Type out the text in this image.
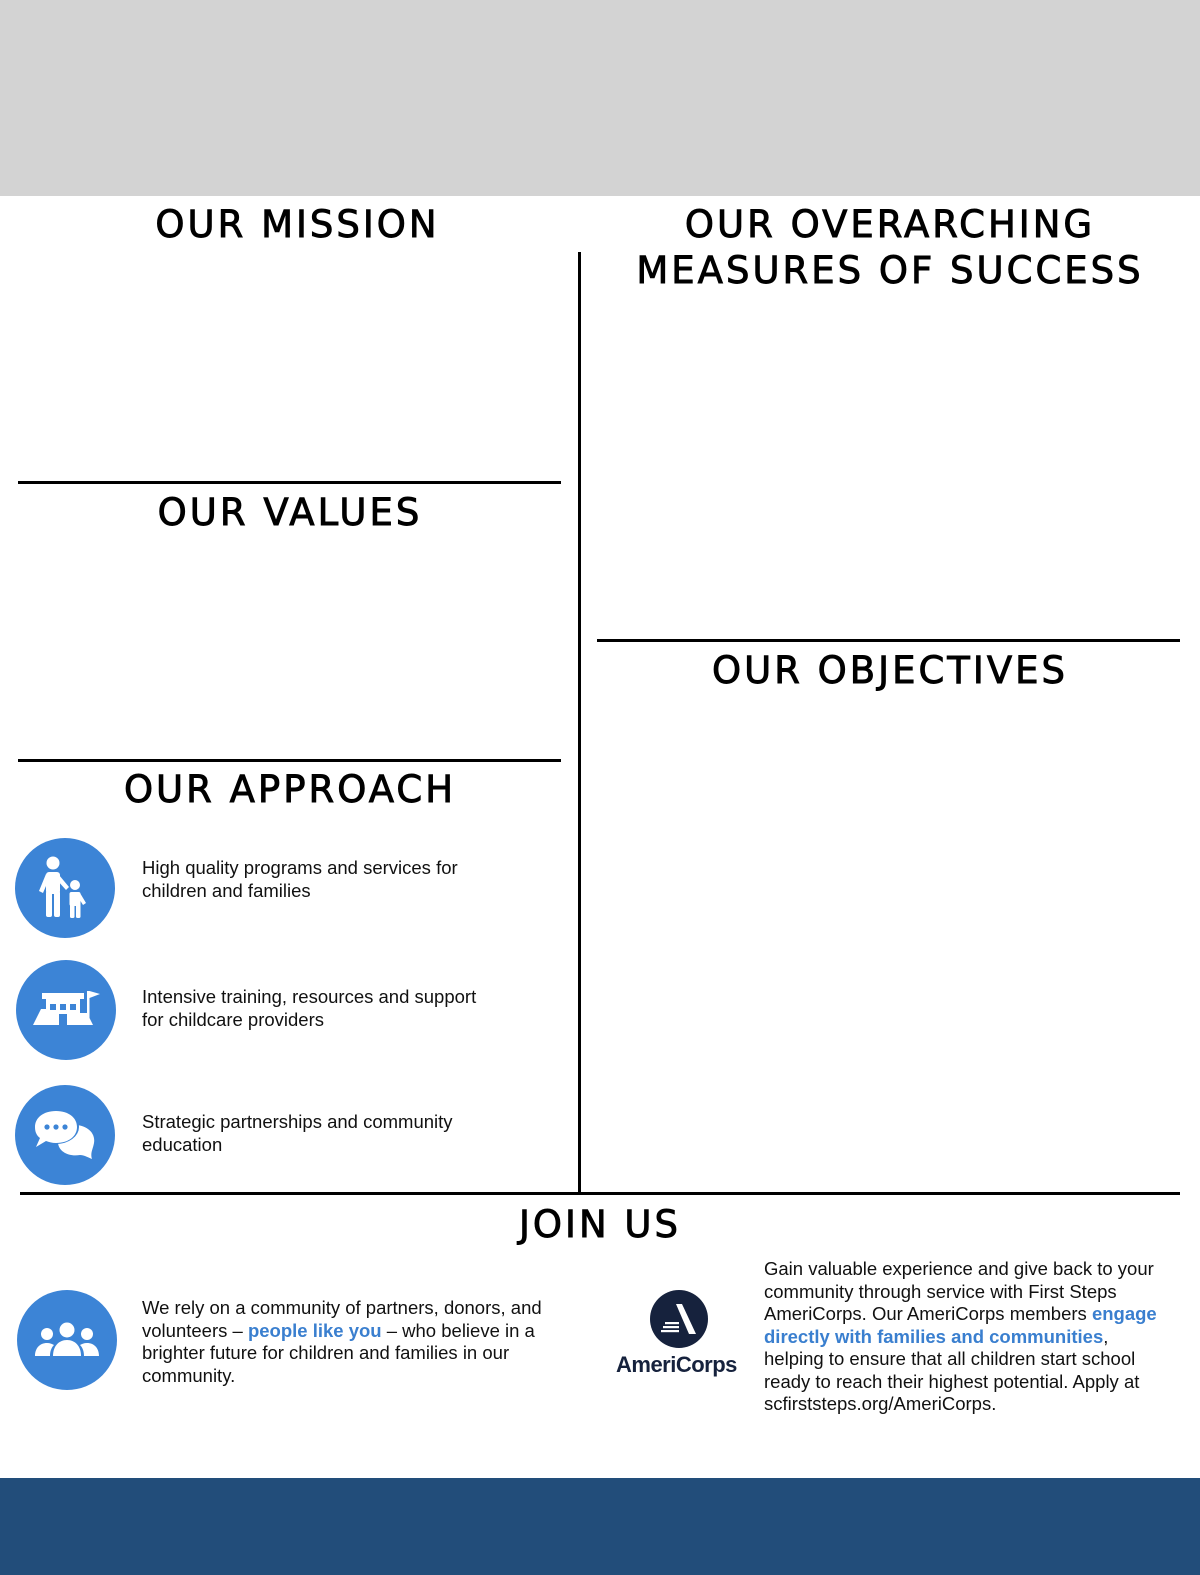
OUR MISSION	OUR OVERARCHING
MEASURES OF SUCCESS
OUR VALUES
OUR OBJECTIVES
OUR APPROACH
JOIN US
High quality programs and services for
children and families
Intensive training, resources and support
for childcare providers
Strategic partnerships and community
education
We rely on a community of partners, donors, and volunteers – people like you – who believe in a brighter future for children and families in our community.	AmeriCorps
Gain valuable experience and give back to your community through service with First Steps AmeriCorps. Our AmeriCorps members engage directly with families and communities, helping to ensure that all children start school ready to reach their highest potential. Apply at scfirststeps.org/AmeriCorps.
